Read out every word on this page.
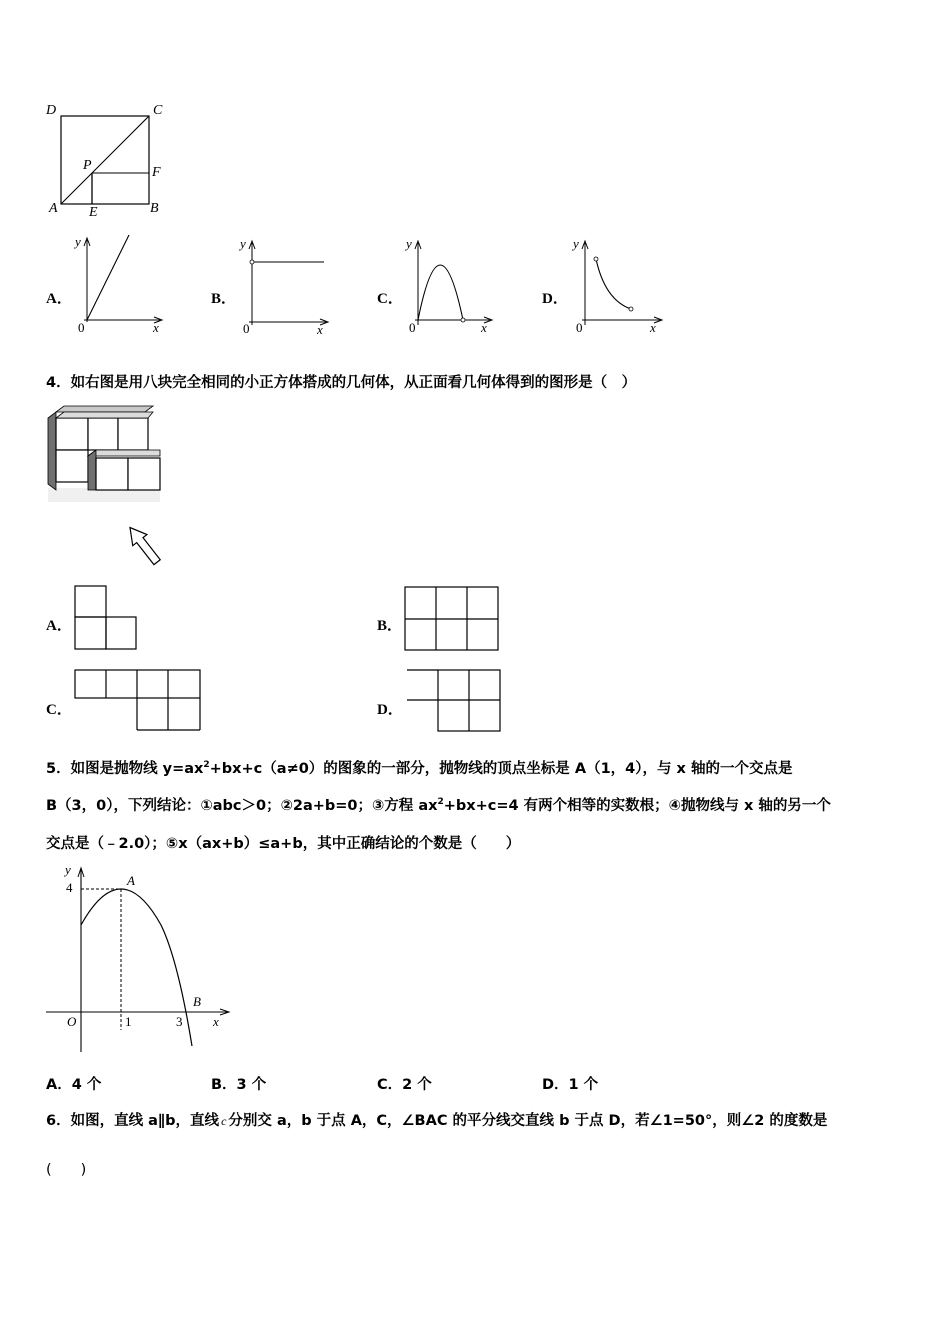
D	C
P	F
A E	B
A．
y
x
0
B．
y
x
0
C．
y
x
0
D．
y
x
0
4．如右图是用八块完全相同的小正方体搭成的几何体，从正面看几何体得到的图形是（　）
A．	B．
C．	D．
5．如图是抛物线 $y=ax^2+bx+c(a\ne 0)$的图象的一部分，抛物线的顶点坐标是 A（1，4），与 x 轴的一个交点是
B（3，0），下列结论：①abc＞0；②2a+b=0；③方程 $ax^2+bx+c=4$ 有两个相等的实数根；④抛物线与 x 轴的另一个
交点是（﹣2.0）；⑤x（ax+b）≤a+b，其中正确结论的个数是（　　）
y
4	A
O	1	3
B
x
A．4 个	B．3 个	C．2 个	D．1 个
6．如图，直线 a∥b，直线 c 分别交 a，b 于点 A，C，∠BAC 的平分线交直线 b 于点 D，若∠1=50°，则∠2 的度数是
(　　)
